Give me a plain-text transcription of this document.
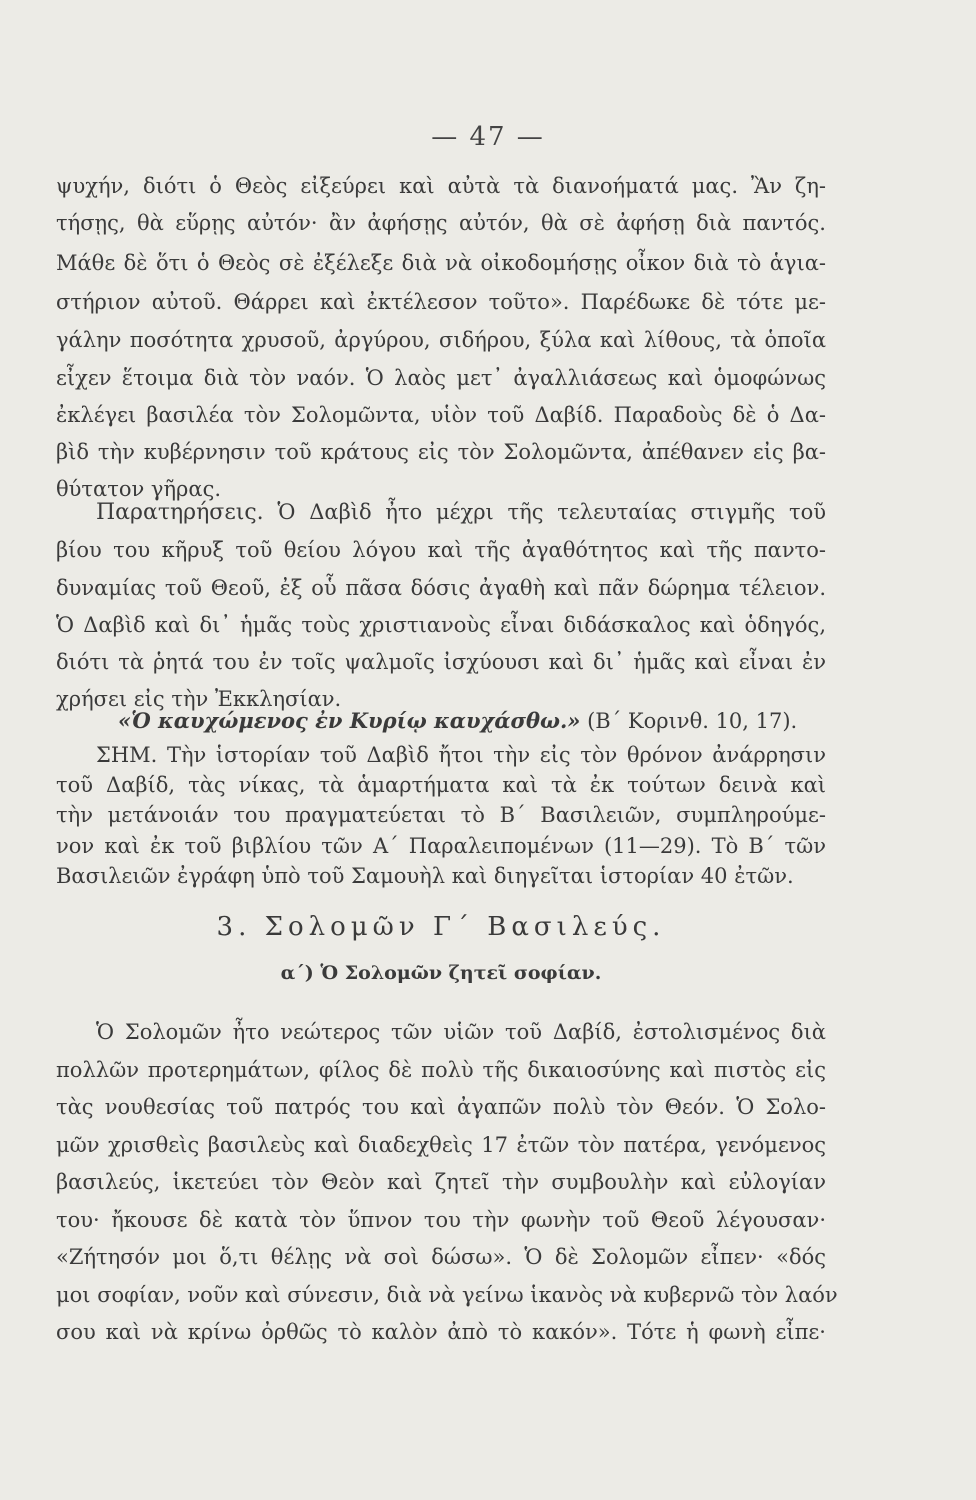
— 47 —
ψυχήν, διότι ὁ Θεὸς εἰξεύρει καὶ αὐτὰ τὰ διανοήματά μας. Ἂν ζη-
τήσῃς, θὰ εὕρῃς αὐτόν· ἂν ἀφήσῃς αὐτόν, θὰ σὲ ἀφήσῃ διὰ παντός.
Μάθε δὲ ὅτι ὁ Θεὸς σὲ ἐξέλεξε διὰ νὰ οἰκοδομήσῃς οἶκον διὰ τὸ ἁγια-
στήριον αὐτοῦ. Θάρρει καὶ ἐκτέλεσον τοῦτο». Παρέδωκε δὲ τότε με-
γάλην ποσότητα χρυσοῦ, ἀργύρου, σιδήρου, ξύλα καὶ λίθους, τὰ ὁποῖα
εἶχεν ἕτοιμα διὰ τὸν ναόν. Ὁ λαὸς μετ᾽ ἀγαλλιάσεως καὶ ὁμοφώνως
ἐκλέγει βασιλέα τὸν Σολομῶντα, υἱὸν τοῦ Δαβίδ. Παραδοὺς δὲ ὁ Δα-
βὶδ τὴν κυβέρνησιν τοῦ κράτους εἰς τὸν Σολομῶντα, ἀπέθανεν εἰς βα-
θύτατον γῆρας.
Παρατηρήσεις. Ὁ Δαβὶδ ἦτο μέχρι τῆς τελευταίας στιγμῆς τοῦ
βίου του κῆρυξ τοῦ θείου λόγου καὶ τῆς ἀγαθότητος καὶ τῆς παντο-
δυναμίας τοῦ Θεοῦ, ἐξ οὗ πᾶσα δόσις ἀγαθὴ καὶ πᾶν δώρημα τέλειον.
Ὁ Δαβὶδ καὶ δι᾽ ἡμᾶς τοὺς χριστιανοὺς εἶναι διδάσκαλος καὶ ὁδηγός,
διότι τὰ ῥητά του ἐν τοῖς ψαλμοῖς ἰσχύουσι καὶ δι᾽ ἡμᾶς καὶ εἶναι ἐν
χρήσει εἰς τὴν Ἐκκλησίαν.
«Ὁ καυχώμενος ἐν Κυρίῳ καυχάσθω.» (Β΄ Κορινθ. 10, 17).
ΣΗΜ. Τὴν ἱστορίαν τοῦ Δαβὶδ ἤτοι τὴν εἰς τὸν θρόνον ἀνάρρησιν
τοῦ Δαβίδ, τὰς νίκας, τὰ ἁμαρτήματα καὶ τὰ ἐκ τούτων δεινὰ καὶ
τὴν μετάνοιάν του πραγματεύεται τὸ Β΄ Βασιλειῶν, συμπληρούμε-
νον καὶ ἐκ τοῦ βιβλίου τῶν Α΄ Παραλειπομένων (11—29). Τὸ Β΄ τῶν
Βασιλειῶν ἐγράφη ὑπὸ τοῦ Σαμουὴλ καὶ διηγεῖται ἱστορίαν 40 ἐτῶν.
3. Σολομῶν Γ΄ Βασιλεύς.
α΄) Ὁ Σολομῶν ζητεῖ σοφίαν.
Ὁ Σολομῶν ἦτο νεώτερος τῶν υἱῶν τοῦ Δαβίδ, ἐστολισμένος διὰ
πολλῶν προτερημάτων, φίλος δὲ πολὺ τῆς δικαιοσύνης καὶ πιστὸς εἰς
τὰς νουθεσίας τοῦ πατρός του καὶ ἀγαπῶν πολὺ τὸν Θεόν. Ὁ Σολο-
μῶν χρισθεὶς βασιλεὺς καὶ διαδεχθεὶς 17 ἐτῶν τὸν πατέρα, γενόμενος
βασιλεύς, ἱκετεύει τὸν Θεὸν καὶ ζητεῖ τὴν συμβουλὴν καὶ εὐλογίαν
του· ἤκουσε δὲ κατὰ τὸν ὕπνον του τὴν φωνὴν τοῦ Θεοῦ λέγουσαν·
«Ζήτησόν μοι ὅ,τι θέλῃς νὰ σοὶ δώσω». Ὁ δὲ Σολομῶν εἶπεν· «δός
μοι σοφίαν, νοῦν καὶ σύνεσιν, διὰ νὰ γείνω ἱκανὸς νὰ κυβερνῶ τὸν λαόν
σου καὶ νὰ κρίνω ὀρθῶς τὸ καλὸν ἀπὸ τὸ κακόν». Τότε ἡ φωνὴ εἶπε·
